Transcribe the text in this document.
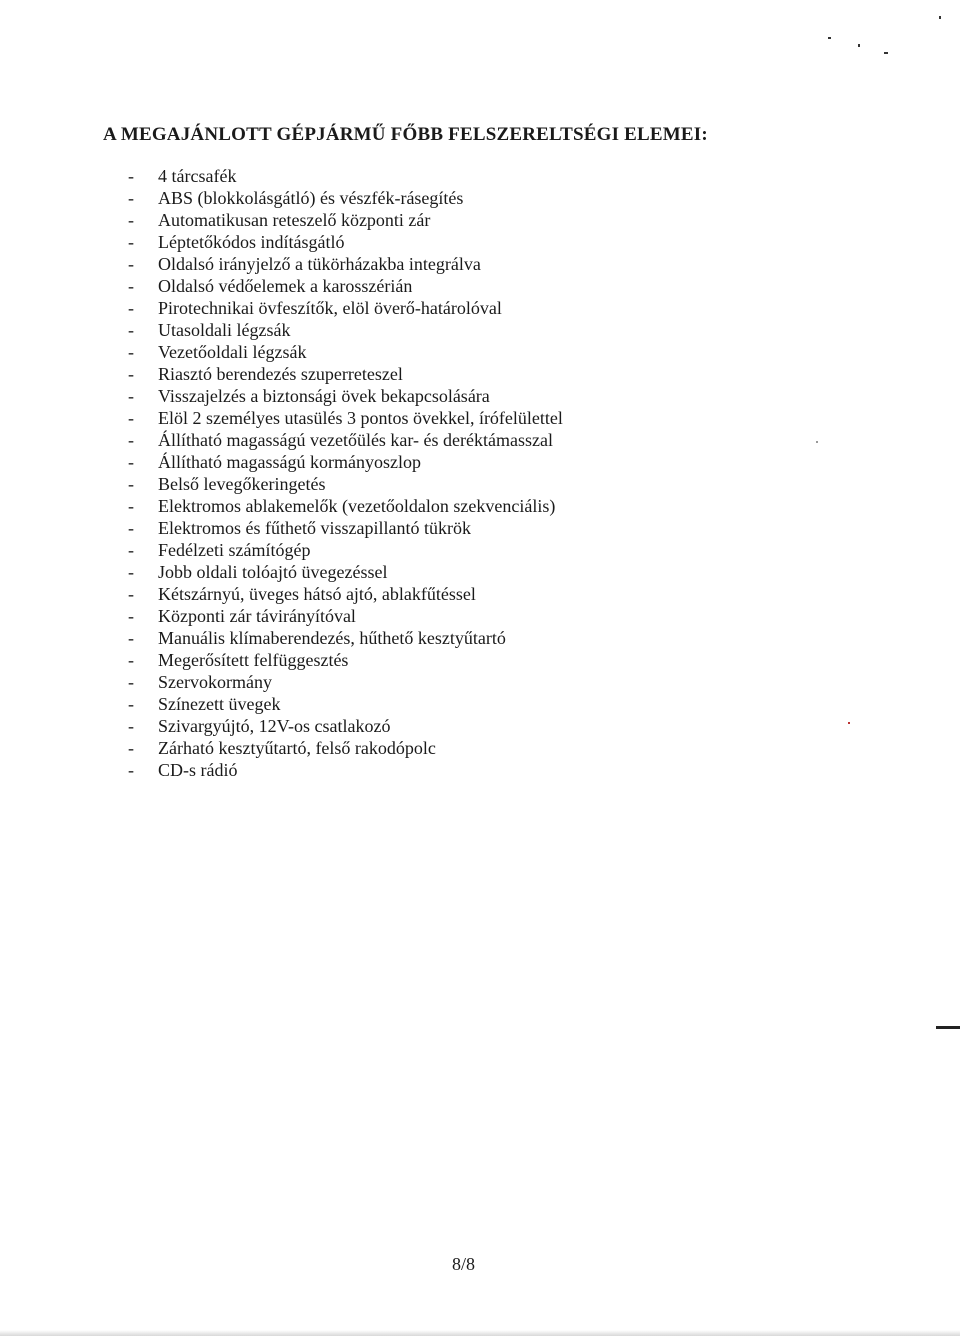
A MEGAJÁNLOTT GÉPJÁRMŰ FŐBB FELSZERELTSÉGI ELEMEI:
- 4 tárcsafék
- ABS (blokkolásgátló) és vészfék-rásegítés
- Automatikusan reteszelő központi zár
- Léptetőkódos indításgátló
- Oldalsó irányjelző a tükörházakba integrálva
- Oldalsó védőelemek a karosszérián
- Pirotechnikai övfeszítők, elöl överő-határolóval
- Utasoldali légzsák
- Vezetőoldali légzsák
- Riasztó berendezés szuperreteszel
- Visszajelzés a biztonsági övek bekapcsolására
- Elöl 2 személyes utasülés 3 pontos övekkel, írófelülettel
- Állítható magasságú vezetőülés kar- és deréktámasszal
- Állítható magasságú kormányoszlop
- Belső levegőkeringetés
- Elektromos ablakemelők (vezetőoldalon szekvenciális)
- Elektromos és fűthető visszapillantó tükrök
- Fedélzeti számítógép
- Jobb oldali tolóajtó üvegezéssel
- Kétszárnyú, üveges hátsó ajtó, ablakfűtéssel
- Központi zár távirányítóval
- Manuális klímaberendezés, hűthető kesztyűtartó
- Megerősített felfüggesztés
- Szervokormány
- Színezett üvegek
- Szivargyújtó, 12V-os csatlakozó
- Zárható kesztyűtartó, felső rakodópolc
- CD-s rádió

8/8
